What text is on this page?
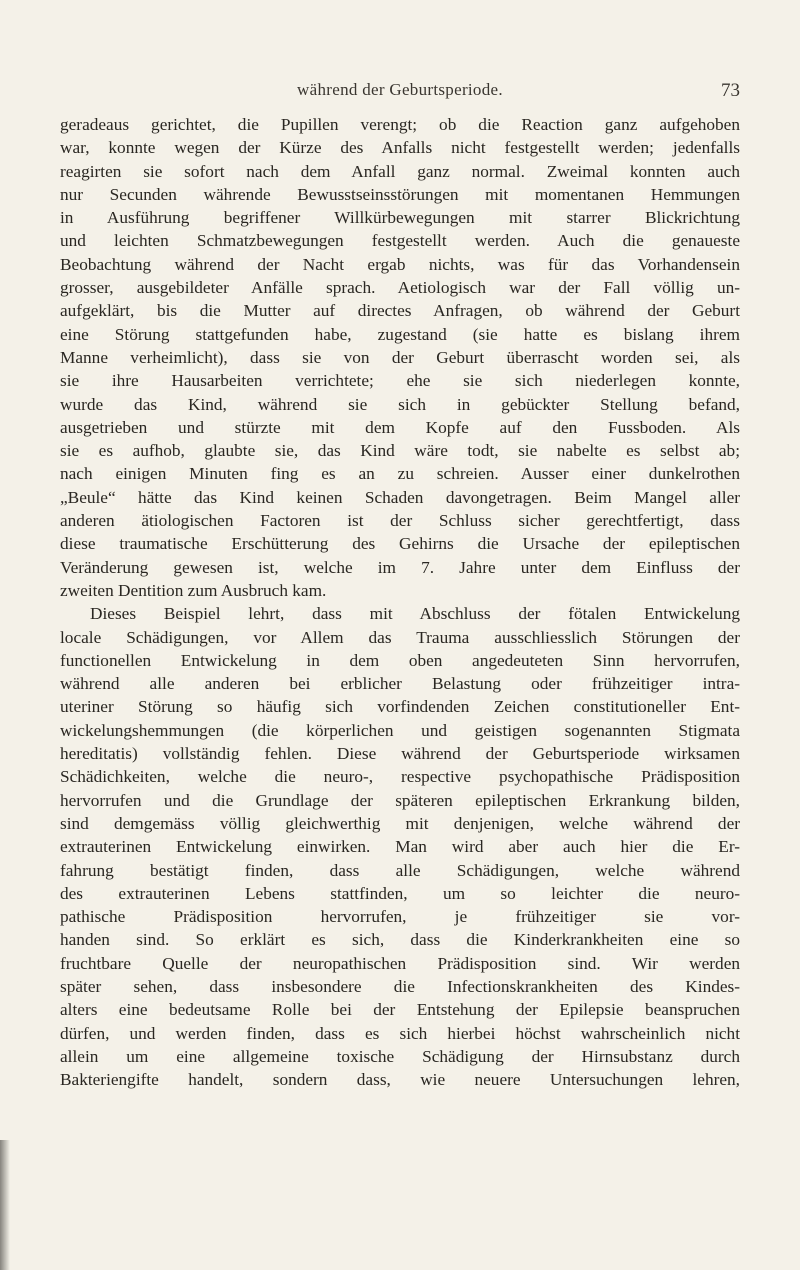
während der Geburtsperiode.	73
geradeaus gerichtet, die Pupillen verengt; ob die Reaction ganz aufgehoben
war, konnte wegen der Kürze des Anfalls nicht festgestellt werden; jedenfalls
reagirten sie sofort nach dem Anfall ganz normal. Zweimal konnten auch
nur Secunden währende Bewusstseinsstörungen mit momentanen Hemmungen
in Ausführung begriffener Willkürbewegungen mit starrer Blickrichtung
und leichten Schmatzbewegungen festgestellt werden. Auch die genaueste
Beobachtung während der Nacht ergab nichts, was für das Vorhandensein
grosser, ausgebildeter Anfälle sprach. Aetiologisch war der Fall völlig un-
aufgeklärt, bis die Mutter auf directes Anfragen, ob während der Geburt
eine Störung stattgefunden habe, zugestand (sie hatte es bislang ihrem
Manne verheimlicht), dass sie von der Geburt überrascht worden sei, als
sie ihre Hausarbeiten verrichtete; ehe sie sich niederlegen konnte,
wurde das Kind, während sie sich in gebückter Stellung befand,
ausgetrieben und stürzte mit dem Kopfe auf den Fussboden. Als
sie es aufhob, glaubte sie, das Kind wäre todt, sie nabelte es selbst ab;
nach einigen Minuten fing es an zu schreien. Ausser einer dunkelrothen
„Beule“ hätte das Kind keinen Schaden davongetragen. Beim Mangel aller
anderen ätiologischen Factoren ist der Schluss sicher gerechtfertigt, dass
diese traumatische Erschütterung des Gehirns die Ursache der epileptischen
Veränderung gewesen ist, welche im 7. Jahre unter dem Einfluss der
zweiten Dentition zum Ausbruch kam.
Dieses Beispiel lehrt, dass mit Abschluss der fötalen Entwickelung
locale Schädigungen, vor Allem das Trauma ausschliesslich Störungen der
functionellen Entwickelung in dem oben angedeuteten Sinn hervorrufen,
während alle anderen bei erblicher Belastung oder frühzeitiger intra-
uteriner Störung so häufig sich vorfindenden Zeichen constitutioneller Ent-
wickelungshemmungen (die körperlichen und geistigen sogenannten Stigmata
hereditatis) vollständig fehlen. Diese während der Geburtsperiode wirksamen
Schädichkeiten, welche die neuro-, respective psychopathische Prädisposition
hervorrufen und die Grundlage der späteren epileptischen Erkrankung bilden,
sind demgemäss völlig gleichwerthig mit denjenigen, welche während der
extrauterinen Entwickelung einwirken. Man wird aber auch hier die Er-
fahrung bestätigt finden, dass alle Schädigungen, welche während
des extrauterinen Lebens stattfinden, um so leichter die neuro-
pathische Prädisposition hervorrufen, je frühzeitiger sie vor-
handen sind. So erklärt es sich, dass die Kinderkrankheiten eine so
fruchtbare Quelle der neuropathischen Prädisposition sind. Wir werden
später sehen, dass insbesondere die Infectionskrankheiten des Kindes-
alters eine bedeutsame Rolle bei der Entstehung der Epilepsie beanspruchen
dürfen, und werden finden, dass es sich hierbei höchst wahrscheinlich nicht
allein um eine allgemeine toxische Schädigung der Hirnsubstanz durch
Bakteriengifte handelt, sondern dass, wie neuere Untersuchungen lehren,
